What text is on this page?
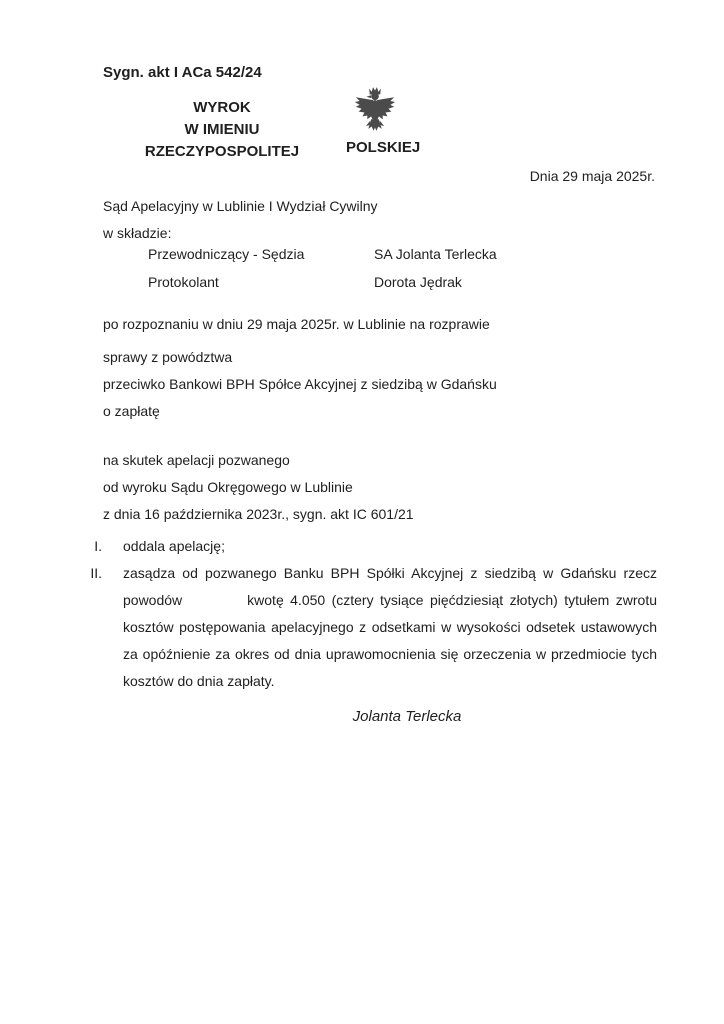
Sygn. akt I ACa 542/24
WYROK
W IMIENIU RZECZYPOSPOLITEJ	POLSKIEJ
Dnia 29 maja 2025r.
Sąd Apelacyjny w Lublinie I Wydział Cywilny
w składzie:
Przewodniczący - Sędzia	SA Jolanta Terlecka
Protokolant	Dorota Jędrak
po rozpoznaniu w dniu 29 maja 2025r. w Lublinie na rozprawie
sprawy z powództwa
przeciwko Bankowi BPH Spółce Akcyjnej z siedzibą w Gdańsku
o zapłatę
na skutek apelacji pozwanego
od wyroku Sądu Okręgowego w Lublinie
z dnia 16 października 2023r., sygn. akt IC 601/21
I.	oddala apelację;
II.	zasądza od pozwanego Banku BPH Spółki Akcyjnej z siedzibą w Gdańsku rzecz powodów	kwotę 4.050 (cztery tysiące pięćdziesiąt złotych) tytułem zwrotu kosztów postępowania apelacyjnego z odsetkami w wysokości odsetek ustawowych za opóźnienie za okres od dnia uprawomocnienia się orzeczenia w przedmiocie tych kosztów do dnia zapłaty.
Jolanta Terlecka
